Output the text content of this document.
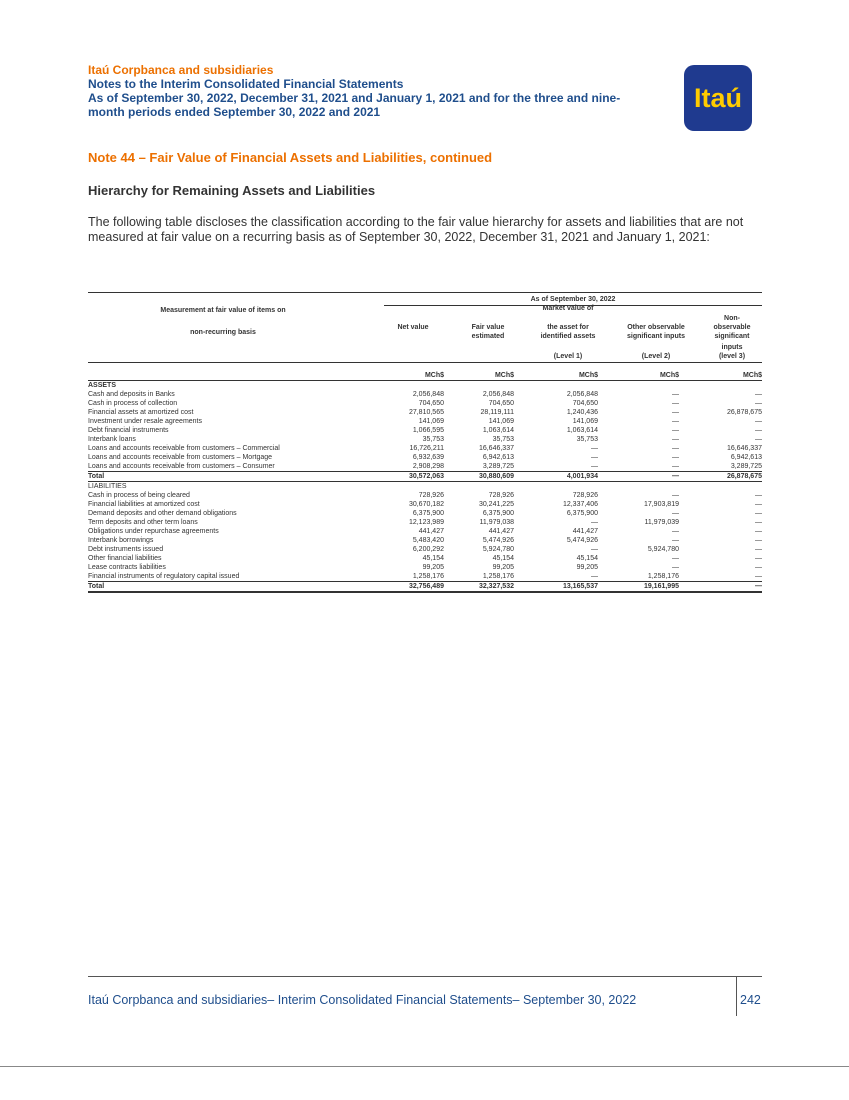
Itaú Corpbanca and subsidiaries
Notes to the Interim Consolidated Financial Statements
As of September 30, 2022, December 31, 2021 and January 1, 2021 and for the three and nine-
month periods ended September 30, 2022 and 2021	Itaú
Note 44 – Fair Value of Financial Assets and Liabilities, continued
Hierarchy for Remaining Assets and Liabilities
The following table discloses the classification according to the fair value hierarchy for assets and liabilities that are not measured at fair value on a recurring basis as of September 30, 2022, December 31, 2021 and January 1, 2021:
As of September 30, 2022
Measurement at fair value of items on
non-recurring basis
Net value	Fair value
estimated
Market value of
the asset for
identified assets
(Level 1)
Other observable
significant inputs
(Level 2)
Non-
observable
significant
inputs
(level 3)
	MCh$	MCh$	MCh$	MCh$	MCh$
ASSETS					
Cash and deposits in Banks	2,056,848	2,056,848	2,056,848	—	—
Cash in process of collection	704,650	704,650	704,650	—	—
Financial assets at amortized cost	27,810,565	28,119,111	1,240,436	—	26,878,675
Investment under resale agreements	141,069	141,069	141,069	—	—
Debt financial instruments	1,066,595	1,063,614	1,063,614	—	—
Interbank loans	35,753	35,753	35,753	—	—
Loans and accounts receivable from customers – Commercial	16,726,211	16,646,337	—	—	16,646,337
Loans and accounts receivable from customers – Mortgage	6,932,639	6,942,613	—	—	6,942,613
Loans and accounts receivable from customers – Consumer	2,908,298	3,289,725	—	—	3,289,725
Total	30,572,063	30,880,609	4,001,934	—	26,878,675
LIABILITIES					
Cash in process of being cleared	728,926	728,926	728,926	—	—
Financial liabilities at amortized cost	30,670,182	30,241,225	12,337,406	17,903,819	—
Demand deposits and other demand obligations	6,375,900	6,375,900	6,375,900	—	—
Term deposits and other term loans	12,123,989	11,979,038	—	11,979,039	—
Obligations under repurchase agreements	441,427	441,427	441,427	—	—
Interbank borrowings	5,483,420	5,474,926	5,474,926	—	—
Debt instruments issued	6,200,292	5,924,780	—	5,924,780	—
Other financial liabilities	45,154	45,154	45,154	—	—
Lease contracts liabilities	99,205	99,205	99,205	—	—
Financial instruments of regulatory capital issued	1,258,176	1,258,176	—	1,258,176	—
Total	32,756,489	32,327,532	13,165,537	19,161,995	—
Itaú Corpbanca and subsidiaries– Interim Consolidated Financial Statements– September 30, 2022	242
